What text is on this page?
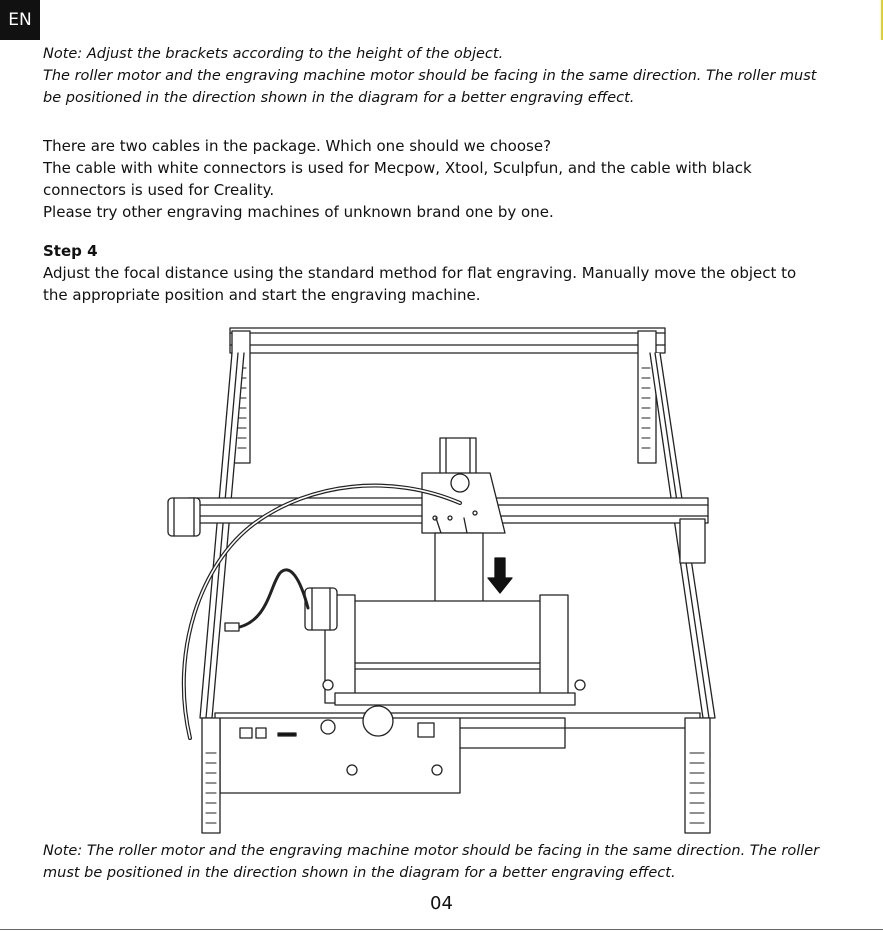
EN
Note: Adjust the brackets according to the height of the object.
The roller motor and the engraving machine motor should be facing in the same direction. The roller must
be positioned in the direction shown in the diagram for a better engraving effect.
There are two cables in the package. Which one should we choose?
The cable with white connectors is used for Mecpow, Xtool, Sculpfun, and the cable with black
connectors is used for Creality.
Please try other engraving machines of unknown brand one by one.
Step 4
Adjust the focal distance using the standard method for flat engraving. Manually move the object to
the appropriate position and start the engraving machine.
Note: The roller motor and the engraving machine motor should be facing in the same direction. The roller
must be positioned in the direction shown in the diagram for a better engraving effect.
04
